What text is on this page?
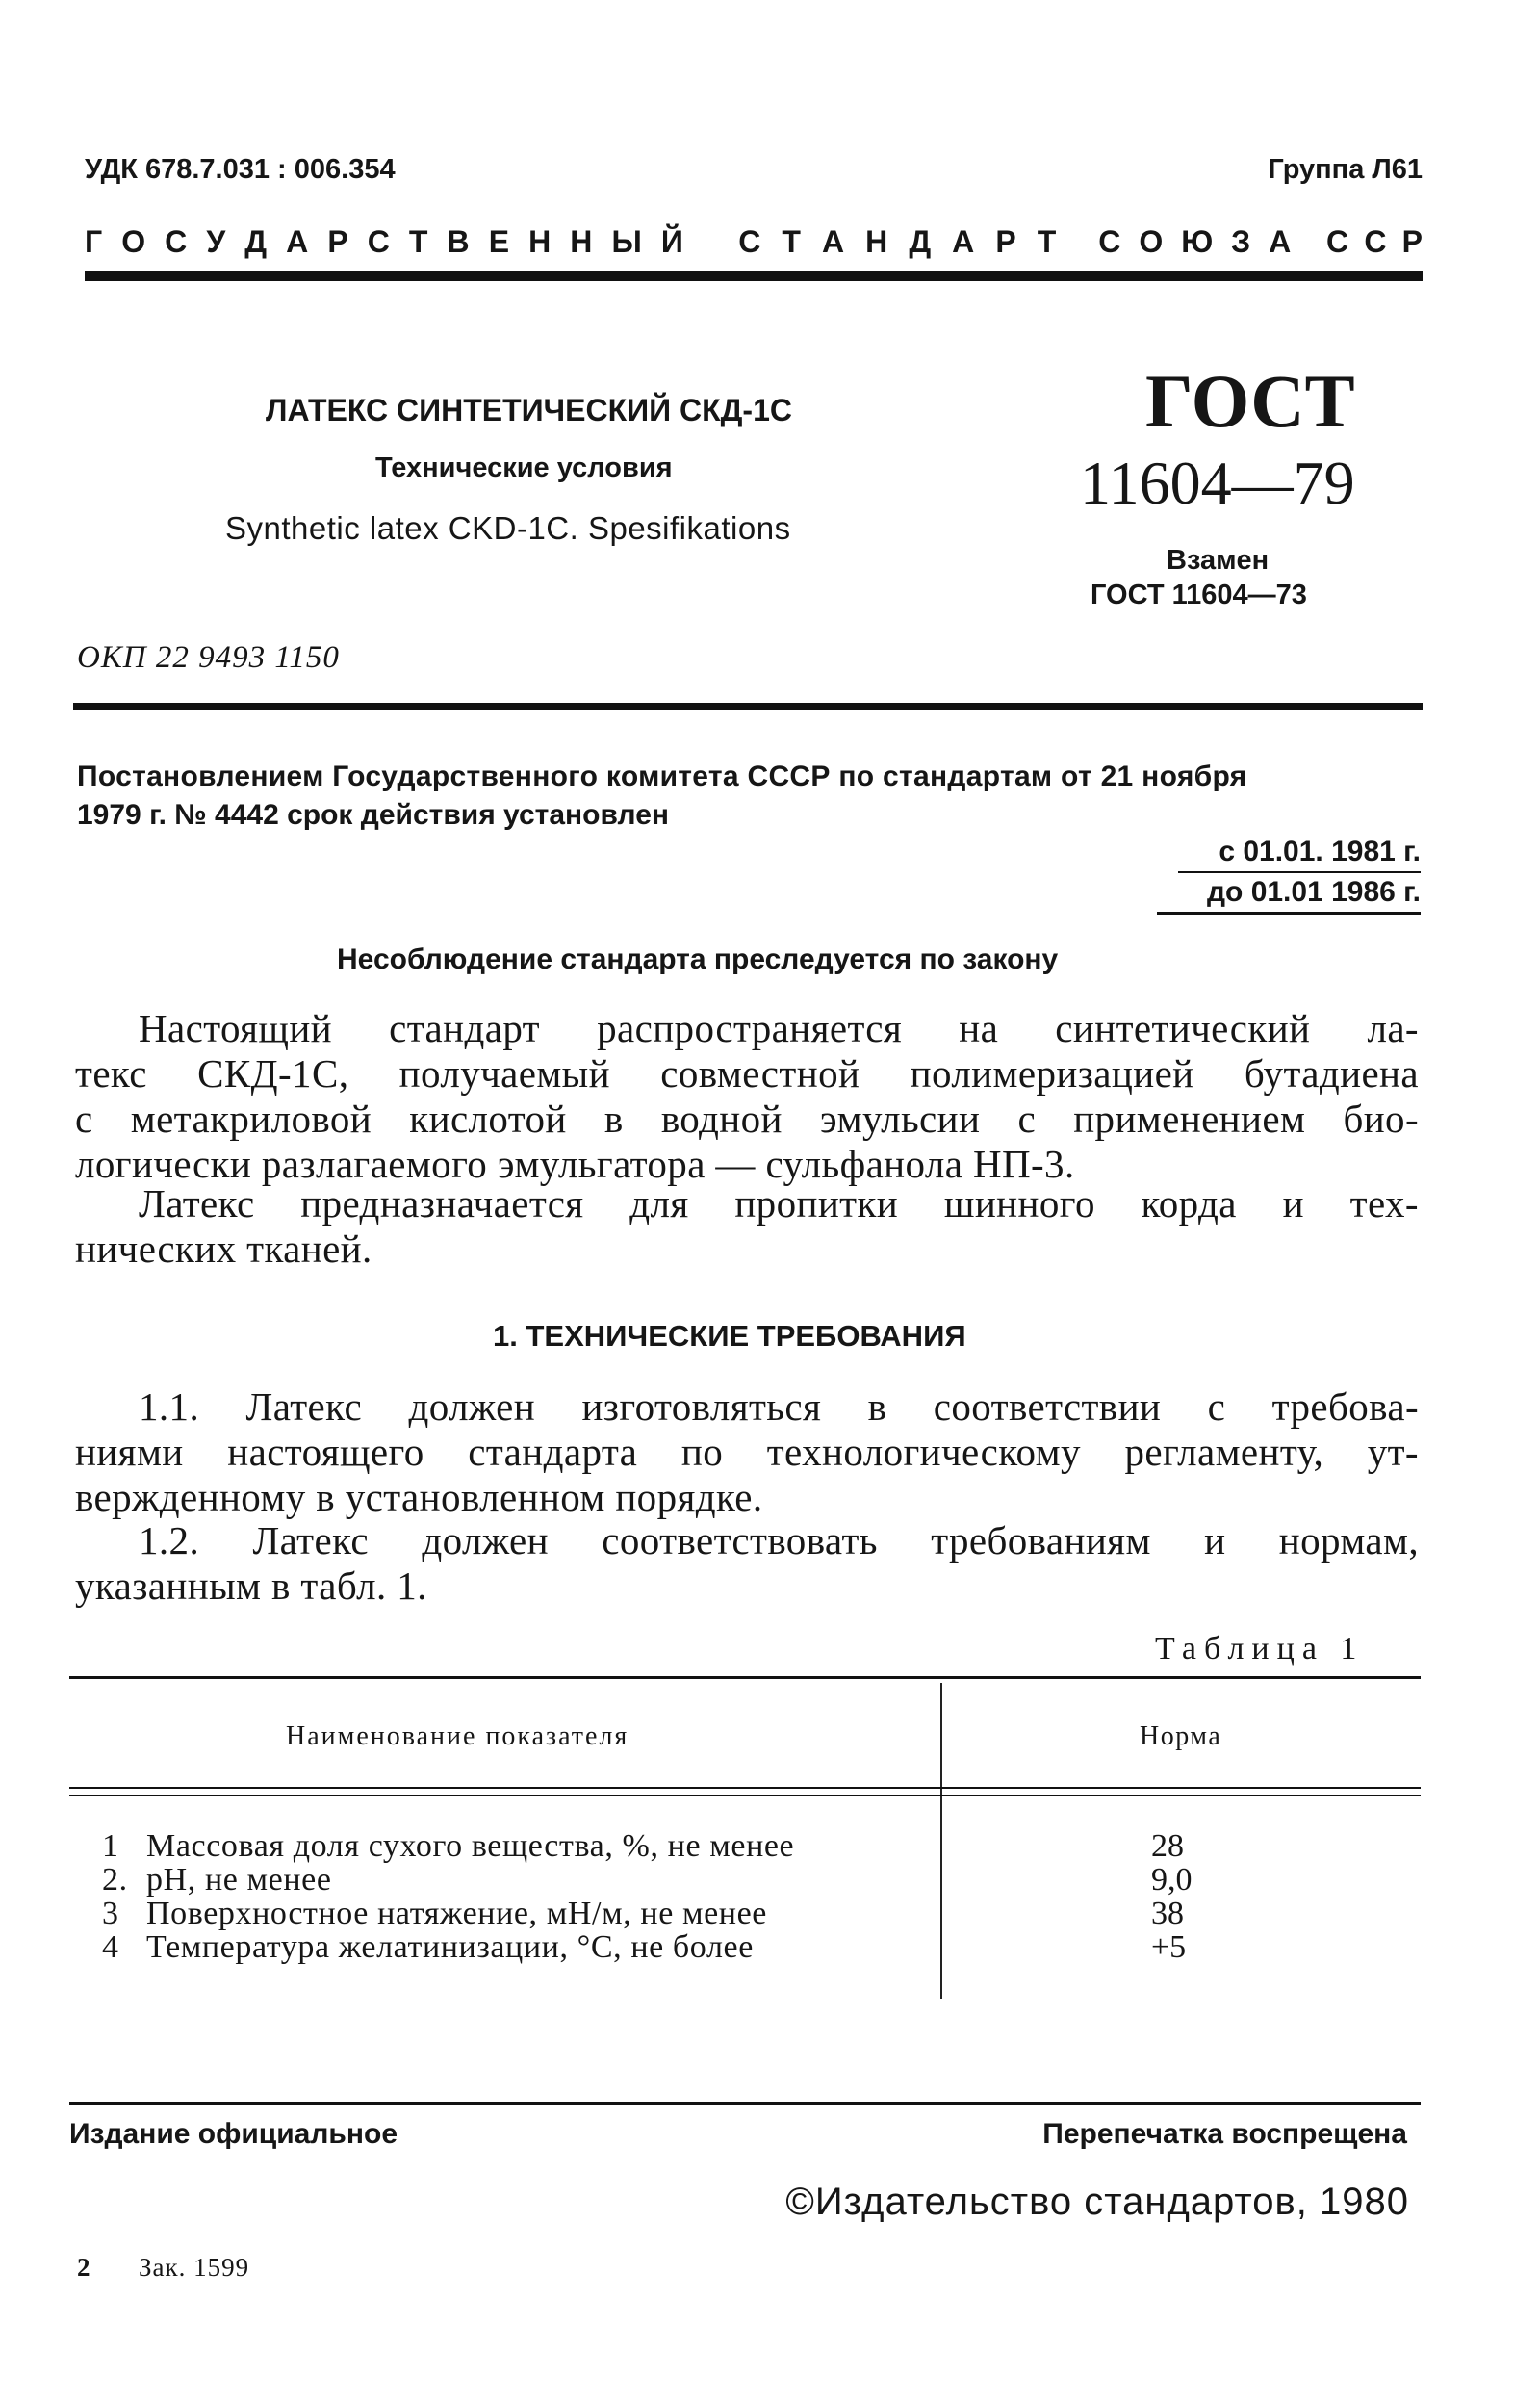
УДК 678.7.031 : 006.354	Группа Л61
Г О С У Д А Р С Т В Е Н Н Ы Й С Т А Н Д А Р Т С О Ю З А С С Р
ЛАТЕКС СИНТЕТИЧЕСКИЙ СКД-1С
Технические условия
Synthetic latex CKD-1C. Spesifikations
ГОСТ
11604—79
Взамен
ГОСТ 11604—73
ОКП 22 9493 1150
Постановлением Государственного комитета СССР по стандартам от 21 ноября
1979 г. № 4442 срок действия установлен
с 01.01. 1981 г.
до 01.01 1986 г.
Несоблюдение стандарта преследуется по закону
Настоящий стандарт распространяется на синтетический ла-
текс СКД-1С, получаемый совместной полимеризацией бутадиена
с метакриловой кислотой в водной эмульсии с применением био-
логически разлагаемого эмульгатора — сульфанола НП-3.
Латекс предназначается для пропитки шинного корда и тех-
нических тканей.
1. ТЕХНИЧЕСКИЕ ТРЕБОВАНИЯ
1.1. Латекс должен изготовляться в соответствии с требова-
ниями настоящего стандарта по технологическому регламенту, ут-
вержденному в установленном порядке.
1.2. Латекс должен соответствовать требованиям и нормам,
указанным в табл. 1.
Таблица 1
Наименование показателя	Норма
1 Массовая доля сухого вещества, %, не менее	28
2. рН, не менее	9,0
3 Поверхностное натяжение, мН/м, не менее	38
4 Температура желатинизации, °С, не более	+5
Издание официальное	Перепечатка воспрещена
©Издательство стандартов, 1980
2 Зак. 1599
